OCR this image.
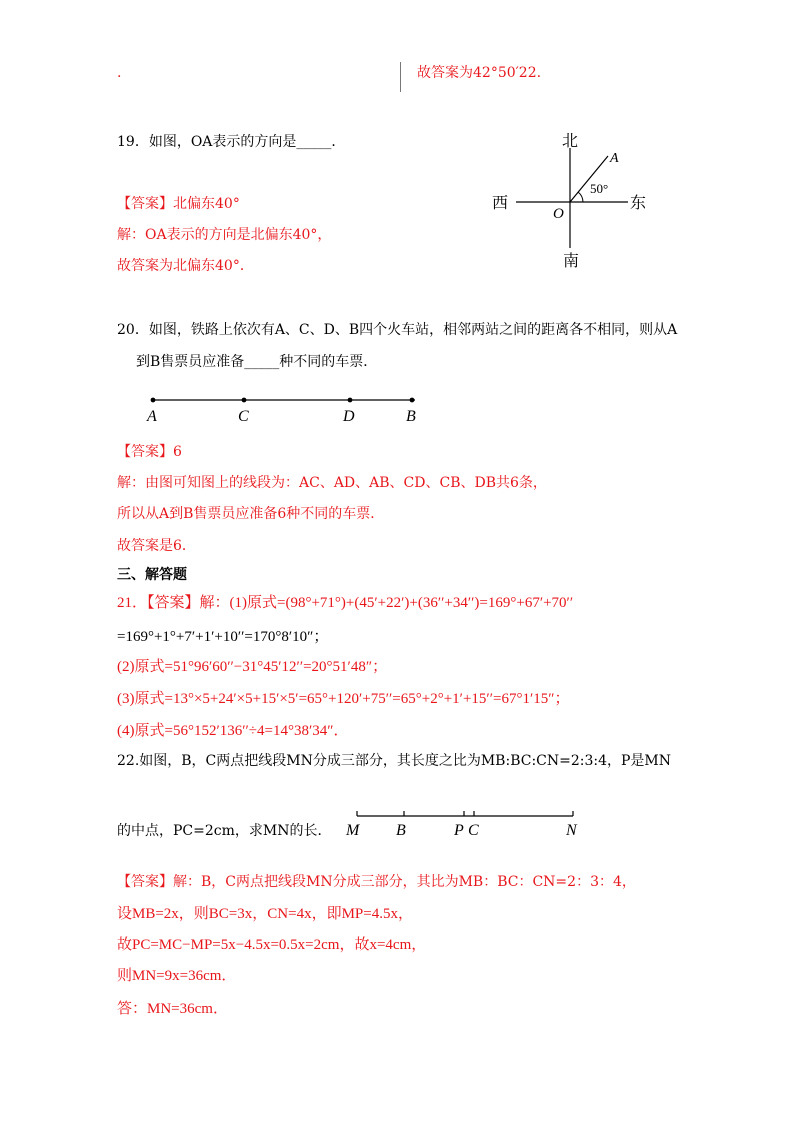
.	故答案为42°50′22.
19．如图，OA表示的方向是_____．
【答案】北偏东40°
解：OA表示的方向是北偏东40°，
故答案为北偏东40°．
北
南
西	东
O
A
50°
20．如图，铁路上依次有A、C、D、B四个火车站，相邻两站之间的距离各不相同，则从A
到B售票员应准备_____种不同的车票．
A	C	D	B
【答案】6
解：由图可知图上的线段为：AC、AD、AB、CD、CB、DB共6条，
所以从A到B售票员应准备6种不同的车票．
故答案是6．
三、解答题
21．【答案】解：(1)原式=(98°+71°)+(45′+22′)+(36′′+34′′)=169°+67′+70′′
=169°+1°+7′+1′+10′′=170°8′10″；
(2)原式=51°96′60′′−31°45′12′′=20°51′48″；
(3)原式=13°×5+24′×5+15′×5′=65°+120′+75′′=65°+2°+1′+15′′=67°1′15″；
(4)原式=56°152′136′′÷4=14°38′34″．
22.如图，B，C两点把线段MN分成三部分，其长度之比为MB:BC:CN=2:3:4，P是MN
的中点，PC=2cm，求MN的长． M B	P C	N
【答案】解：B，C两点把线段MN分成三部分，其比为MB：BC：CN=2：3：4，
设MB=2x，则BC=3x，CN=4x，即MP=4.5x，
故PC=MC−MP=5x−4.5x=0.5x=2cm，故x=4cm，
则MN=9x=36cm．
答：MN=36cm．
